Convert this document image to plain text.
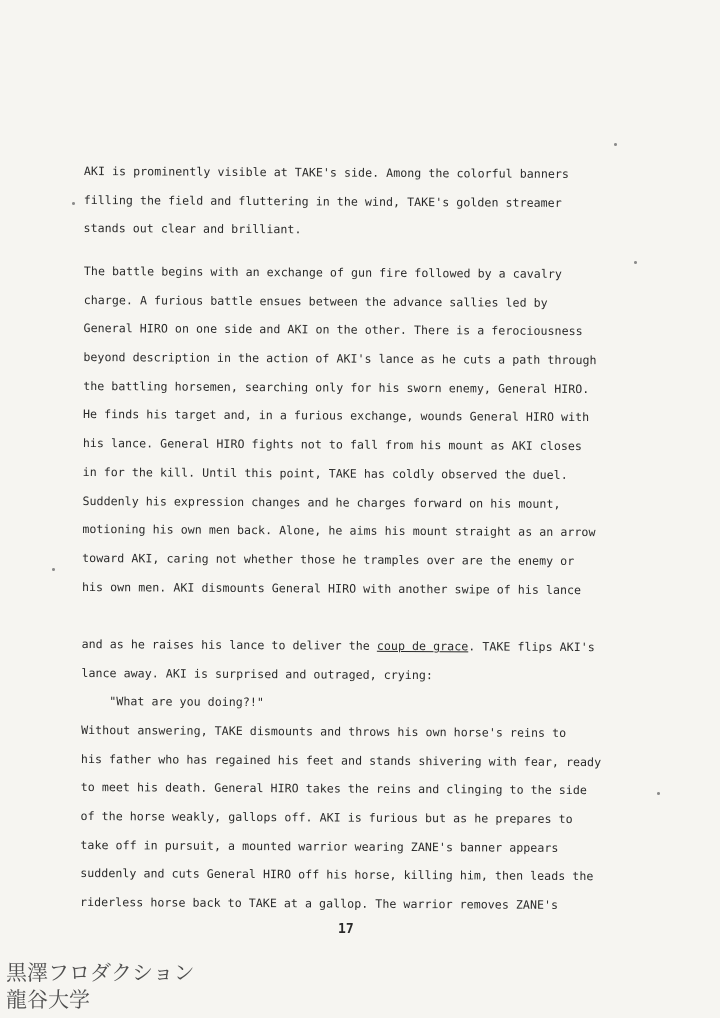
AKI is prominently visible at TAKE's side. Among the colorful banners
filling the field and fluttering in the wind, TAKE's golden streamer
stands out clear and brilliant.
The battle begins with an exchange of gun fire followed by a cavalry
charge. A furious battle ensues between the advance sallies led by
General HIRO on one side and AKI on the other. There is a ferociousness
beyond description in the action of AKI's lance as he cuts a path through
the battling horsemen, searching only for his sworn enemy, General HIRO.
He finds his target and, in a furious exchange, wounds General HIRO with
his lance. General HIRO fights not to fall from his mount as AKI closes
in for the kill. Until this point, TAKE has coldly observed the duel.
Suddenly his expression changes and he charges forward on his mount,
motioning his own men back. Alone, he aims his mount straight as an arrow
toward AKI, caring not whether those he tramples over are the enemy or
his own men. AKI dismounts General HIRO with another swipe of his lance
and as he raises his lance to deliver the coup de grace. TAKE flips AKI's
lance away. AKI is surprised and outraged, crying:
"What are you doing?!"
Without answering, TAKE dismounts and throws his own horse's reins to
his father who has regained his feet and stands shivering with fear, ready
to meet his death. General HIRO takes the reins and clinging to the side
of the horse weakly, gallops off. AKI is furious but as he prepares to
take off in pursuit, a mounted warrior wearing ZANE's banner appears
suddenly and cuts General HIRO off his horse, killing him, then leads the
riderless horse back to TAKE at a gallop. The warrior removes ZANE's
17
黒澤フロダクション
龍谷大学
